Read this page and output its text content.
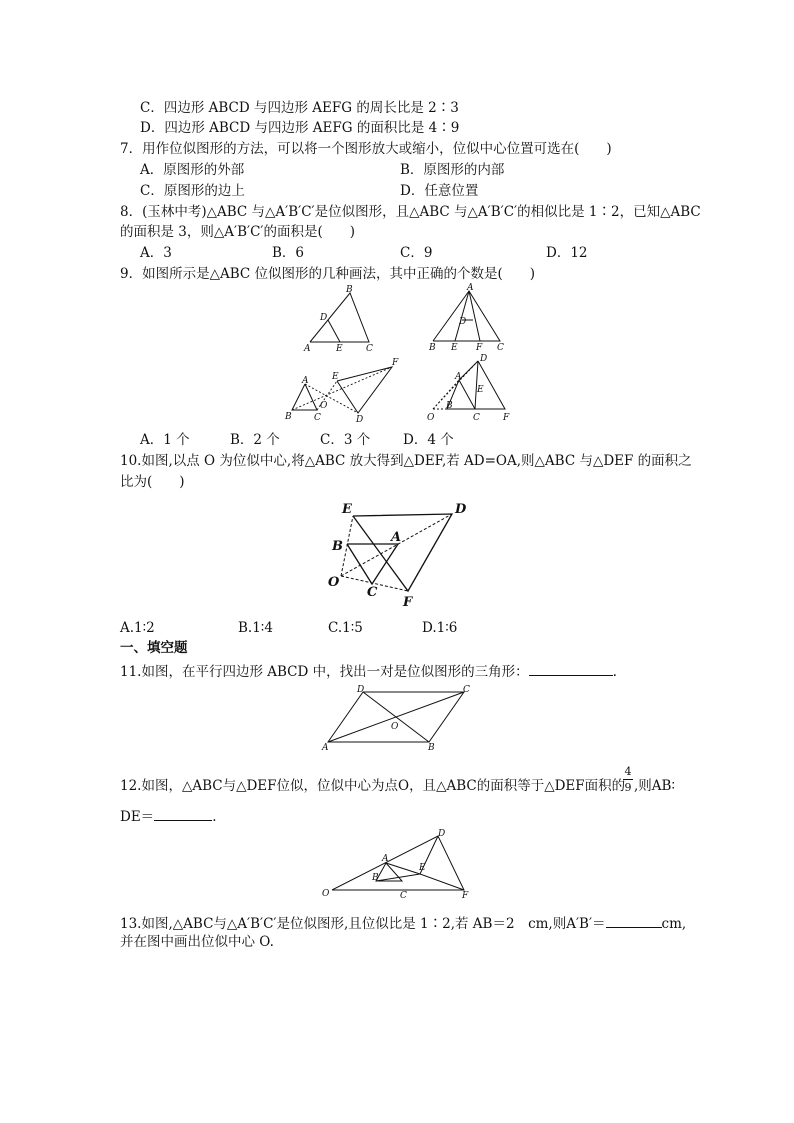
C．四边形 ABCD 与四边形 AEFG 的周长比是 2∶3
D．四边形 ABCD 与四边形 AEFG 的面积比是 4∶9
7．用作位似图形的方法，可以将一个图形放大或缩小，位似中心位置可选在(　　)
A．原图形的外部	B．原图形的内部
C．原图形的边上	D．任意位置
8．(玉林中考)△ABC 与△A′B′C′是位似图形，且△ABC 与△A′B′C′的相似比是 1∶2，已知△ABC
的面积是 3，则△A′B′C′的面积是(　　)
A．3	B．6	C．9	D．12
9．如图所示是△ABC 位似图形的几种画法，其中正确的个数是(　　)
B
D
A	E	C
A
D
B E F C
A
B C
O
E
F
D
D
A
E
B
O	C	F
A．1 个	B．2 个	C．3 个 D．4 个
10.如图,以点 O 为位似中心,将△ABC 放大得到△DEF,若 AD=OA,则△ABC 与△DEF 的面积之
比为(　　)
E	D
B
A
O
C
F
A.1∶2	B.1∶4	C.1∶5	D.1∶6
一、填空题
11.如图，在平行四边形 ABCD 中，找出一对是位似图形的三角形：	.
D	C
O
A	B
12.如图，△ABC与△DEF位似，位似中心为点O，且△ABC的面积等于△DEF面积的
4
9 ,则AB∶
DE＝	.
D
A
B
E
O	C	F
13.如图,△ABC与△A′B′C′是位似图形,且位似比是 1∶2,若 AB＝2　cm,则A′B′＝	cm,
并在图中画出位似中心 O.
